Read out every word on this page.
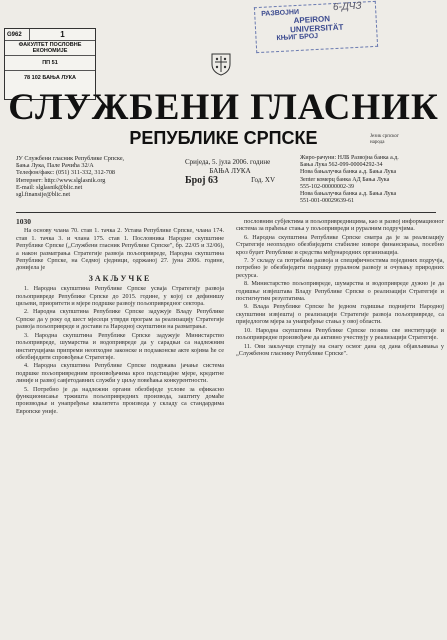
G962	1
ФАКУЛТЕТ ПОСЛОВНЕ ЕКОНОМИЈЕ
ПП 51
78 102 БАЊА ЛУКА
РАЗВОЈНИ
APEIRON
UNIVERSITÄT
КЊИГ БРОЈ
6-ДЧЗ
СЛУЖБЕНИ ГЛАСНИК
РЕПУБЛИКЕ СРПСКЕ	Језик српског народа
ЈУ Службени гласник Републике Српске,
Бања Лука, Пале Рачића 32/А
Телефон/факс: (051) 311-332, 312-708
Интернет: http://www.slglasnik.org
E-mail: slglasnik@blic.net
sgl.finansije@blic.net
Сриједа, 5. јула 2006. године
БАЊА ЛУКА
Број 63	Год. XV
Жиро-рачуни: НЛБ Развојна банка а.д.
Бања Лука 562-099-00004292-34
Нова бањалучка банка а.д. Бања Лука
Зепter комерц банка АД Бања Лука
555-102-00000002-39
Нова бањалучка банка а.д. Бања Лука
551-001-00029639-61
1030

На основу члана 70. став 1. тачка 2. Устава Републике Српске, члана 174. став 1. тачка 3. и члана 175. став 1. Пословника Народне скупштине Републике Српске („Службени гласник Републике Српске", бр. 22/05 и 32/06), а након разматрања Стратегије развоја пољопривреде, Народна скупштина Републике Српске, на Седмој сједници, одржаној 27. јуна 2006. године, донијела је

ЗАКЉУЧКЕ

1. Народна скупштина Републике Српске усваја Стратегију развоја пољопривреде Републике Српске до 2015. године, у којој се дефинишу циљеви, приоритети и мјере подршке развоју пољопривредног сектора.

2. Народна скупштина Републике Српске задужује Владу Републике Српске да у року од шест мјесеци утврди програм за реализацију Стратегије развоја пољопривреде и достави га Народној скупштини на разматрање.

3. Народна скупштина Републике Српске задужује Министарство пољопривреде, шумарства и водопривреде да у сарадњи са надлежним институцијама припреми неопходне законске и подзаконске акте којима ће се обезбиједити спровођење Стратегије.

4. Народна скупштина Републике Српске подржава јачање система подршке пољопривредним произвођачима кроз подстицајне мјере, кредитне линије и развој савјетодавних служби у циљу повећања конкурентности.

5. Потребно је да надлежни органи обезбиједе услове за ефикасно функционисање тржишта пољопривредних производа, заштиту домаће производње и унапређење квалитета производа у складу са стандардима Европске уније.

пословним субјектима и пољопривредницима, као и развој информационог система за праћење стања у пољопривреди и руралним подручјима.

6. Народна скупштина Републике Српске сматра да је за реализацију Стратегије неопходно обезбиједити стабилне изворе финансирања, посебно кроз буџет Републике и средства међународних организација.

7. У складу са потребама развоја и специфичностима појединих подручја, потребно је обезбиједити подршку руралном развоју и очувању природних ресурса.

8. Министарство пољопривреде, шумарства и водопривреде дужно је да годишње извјештава Владу Републике Српске о реализацији Стратегије и постигнутим резултатима.

9. Влада Републике Српске ће једном годишње поднијети Народној скупштини извјештај о реализацији Стратегије развоја пољопривреде, са приједлогом мјера за унапређење стања у овој области.

10. Народна скупштина Републике Српске позива све институције и пољопривредне произвођаче да активно учествују у реализацији Стратегије.

11. Ови закључци ступају на снагу осмог дана од дана објављивања у „Службеном гласнику Републике Српске".
